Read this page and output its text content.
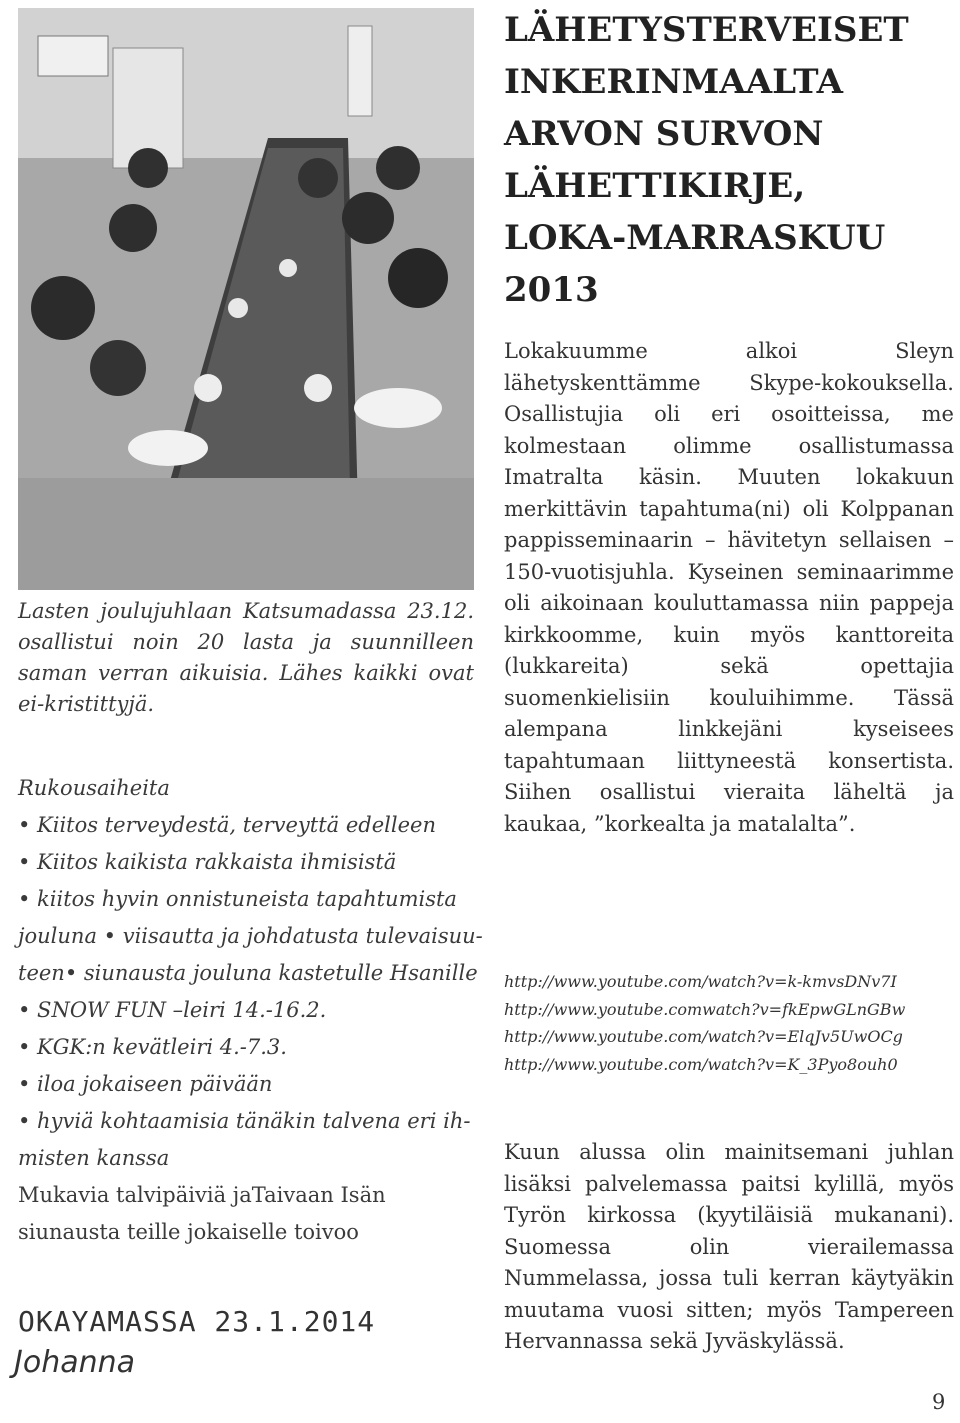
Lasten joulujuhlaan Katsumadassa 23.12. osallistui noin 20 lasta ja suunnilleen saman verran aikuisia. Lähes kaikki ovat ei-kristittyjä.
Rukousaiheita
• Kiitos terveydestä, terveyttä edelleen
• Kiitos kaikista rakkaista ihmisistä
• kiitos hyvin onnistuneista tapahtumista
jouluna • viisautta ja johdatusta tulevaisuu-
teen• siunausta jouluna kastetulle Hsanille
• SNOW FUN –leiri 14.-16.2.
• KGK:n kevätleiri 4.-7.3.
• iloa jokaiseen päivään
• hyviä kohtaamisia tänäkin talvena eri ih-
misten kanssa
Mukavia talvipäiviä jaTaivaan Isän siunausta teille jokaiselle toivoo
OKAYAMASSA 23.1.2014
Johanna
LÄHETYSTERVEISET
INKERINMAALTA
ARVON SURVON
LÄHETTIKIRJE,
LOKA-MARRASKUU
2013
Lokakuumme alkoi Sleyn lähetyskenttämme Skype-kokouksella. Osallistujia oli eri osoitteissa, me kolmestaan olimme osallistumassa Imatralta käsin. Muuten lokakuun merkittävin tapahtuma(ni) oli Kolppanan pappisseminaarin – hävitetyn sellaisen – 150-vuotisjuhla. Kyseinen seminaarimme oli aikoinaan kouluttamassa niin pappeja kirkkoomme, kuin myös kanttoreita (lukkareita) sekä opettajia suomenkielisiin kouluihimme. Tässä alempana linkkejäni kyseisees tapahtumaan liittyneestä konsertista. Siihen osallistui vieraita läheltä ja kaukaa, ”korkealta ja matalalta”.
http://www.youtube.com/watch?v=k-kmvsDNv7I
http://www.youtube.comwatch?v=fkEpwGLnGBw
http://www.youtube.com/watch?v=ElqJv5UwOCg
http://www.youtube.com/watch?v=K_3Pyo8ouh0
Kuun alussa olin mainitsemani juhlan lisäksi palvelemassa paitsi kylillä, myös Tyrön kirkossa (kyytiläisiä mukanani). Suomessa olin vierailemassa Nummelassa, jossa tuli kerran käytyäkin muutama vuosi sitten; myös Tampereen Hervannassa sekä Jyväskylässä.
9
